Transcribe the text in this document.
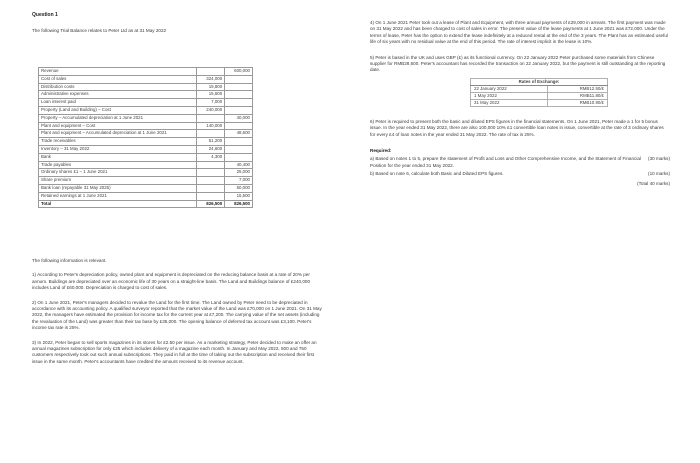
Question 1
The following Trial Balance relates to Peter Ltd as at 31 May 2022
Revenue		600,000
Cost of sales	324,000	
Distribution costs	19,800	
Administrative expenses	15,600	
Loan interest paid	7,000	
Property (Land and Building) – Cost	240,000	
Property – Accumulated depreciation at 1 June 2021		40,000
Plant and equipment – Cost	140,000	
Plant and equipment – Accumulated depreciation at 1 June 2021		48,600
Trade receivables	51,200	
Inventory – 31 May 2022	24,600	
Bank	4,300	
Trade payables		40,400
Ordinary shares £1 – 1 June 2021		25,000
Share premium		7,000
Bank loan (repayable 31 May 2025)		50,000
Retained earnings at 1 June 2021		15,500
Total	826,500	826,500
The following information is relevant.

1) According to Peter's depreciation policy, owned plant and equipment is depreciated on the reducing balance basis at a rate of 20% per annum. Buildings are depreciated over an economic life of 30 years on a straight-line basis. The Land and Buildings balance of £240,000 includes Land of £60,000. Depreciation is charged to cost of sales.

2) On 1 June 2021, Peter's managers decided to revalue the Land for the first time. The Land owned by Peter need to be depreciated in accordance with its accounting policy. A qualified surveyor reported that the market value of the Land was £70,000 on 1 June 2021. On 31 May 2022, the managers have estimated the provision for income tax for the current year at £7,200. The carrying value of the net assets (including the revaluation of the Land) was greater than their tax base by £35,000. The opening balance of deferred tax account was £3,100. Peter's income tax rate is 25%.

3) In 2022, Peter began to sell sports magazines in its stores for £2.50 per issue. As a marketing strategy, Peter decided to make an offer an annual magazines subscription for only £25 which includes delivery of a magazine each month. In January and May 2022, 500 and 750 customers respectively took out such annual subscriptions. They paid in full at the time of taking out the subscription and received their first issue in the same month. Peter's accountants have credited the amount received to its revenue account.

4) On 1 June 2021 Peter took out a lease of Plant and Equipment, with three annual payments of £29,000 in arrears. The first payment was made on 31 May 2022 and has been charged to cost of sales in error. The present value of the lease payments at 1 June 2021 was £72,000. Under the terms of lease, Peter has the option to extend the lease indefinitely at a reduced rental at the end of the 3 years. The Plant has an estimated useful life of six years with no residual value at the end of this period. The rate of interest implicit in the lease is 10%.

5) Peter is based in the UK and uses GBP (£) as its functional currency. On 22 January 2022 Peter purchased some materials from Chinese supplier for RMB28,600. Peter's accountant has recorded the transaction on 22 January 2022, but the payment is still outstanding at the reporting date.

Rates of Exchange:	
22 January 2022	RMB12.50/£
1 May 2022	RMB11.80/£
31 May 2022	RMB10.90/£

6) Peter is required to present both the basic and diluted EPS figures in the financial statements. On 1 June 2021, Peter made a 1 for 5 bonus issue. In the year ended 31 May 2022, there are also 100,000 10% £1 convertible loan notes in issue, convertible at the rate of 3 ordinary shares for every £4 of loan notes in the year ended 31 May 2022. The rate of tax is 25%.

Required:
a) Based on notes 1 to 5, prepare the statement of Profit and Loss and Other Comprehensive Income, and the Statement of Financial Position for the year ended 31 May 2022.
(30 marks)
b) Based on note 6, calculate both Basic and Diluted EPS figures.	(10 marks)
(Total 40 marks)
